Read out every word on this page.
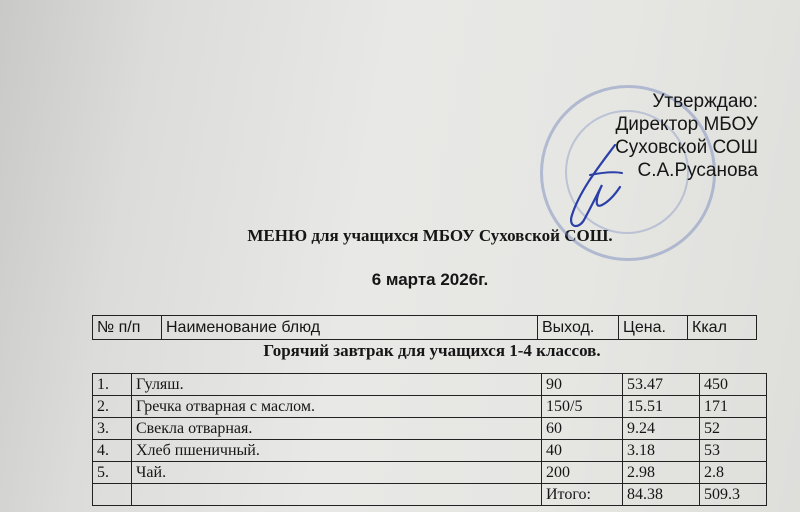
Утверждаю:
Директор МБОУ
Суховской СОШ
С.А.Русанова
МЕНЮ для учащихся МБОУ Суховской СОШ.
6 марта 2026г.
№ п/п	Наименование блюд	Выход.	Цена.	Ккал
Горячий завтрак для учащихся 1-4 классов.
1.	Гуляш.	90	53.47	450
2.	Гречка отварная с маслом.	150/5	15.51	171
3.	Свекла отварная.	60	9.24	52
4.	Хлеб пшеничный.	40	3.18	53
5.	Чай.	200	2.98	2.8
		Итого:	84.38	509.3
